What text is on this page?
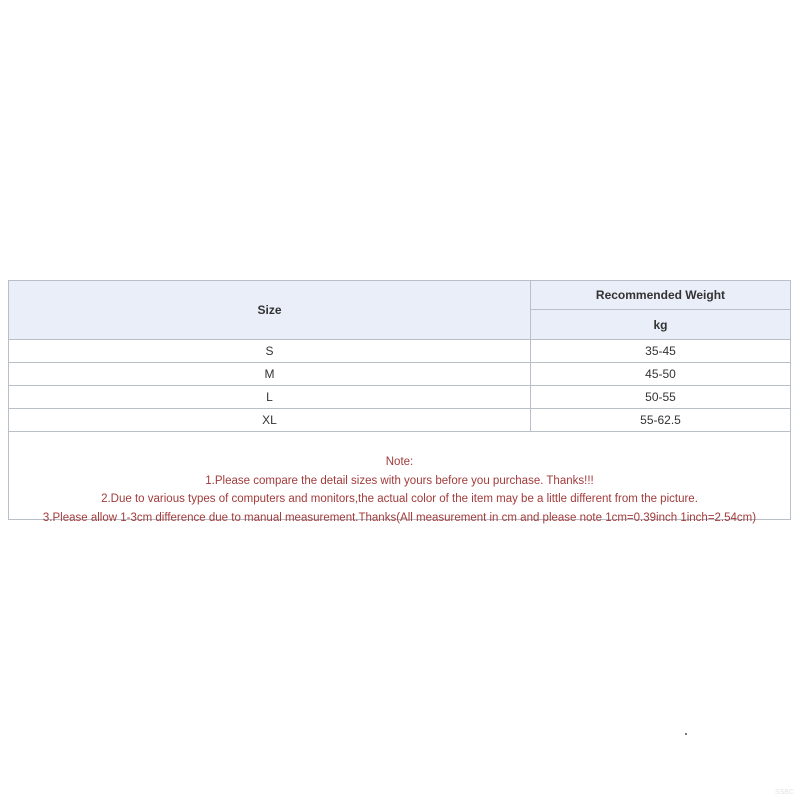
Size	Recommended Weight
	kg
S	35-45
M	45-50
L	50-55
XL	55-62.5
Note:
1.Please compare the detail sizes with yours before you purchase. Thanks!!!
2.Due to various types of computers and monitors,the actual color of the item may be a little different from the picture.
3.Please allow 1-3cm difference due to manual measurement.Thanks(All measurement in cm and please note 1cm=0.39inch 1inch=2.54cm)
SSBC
